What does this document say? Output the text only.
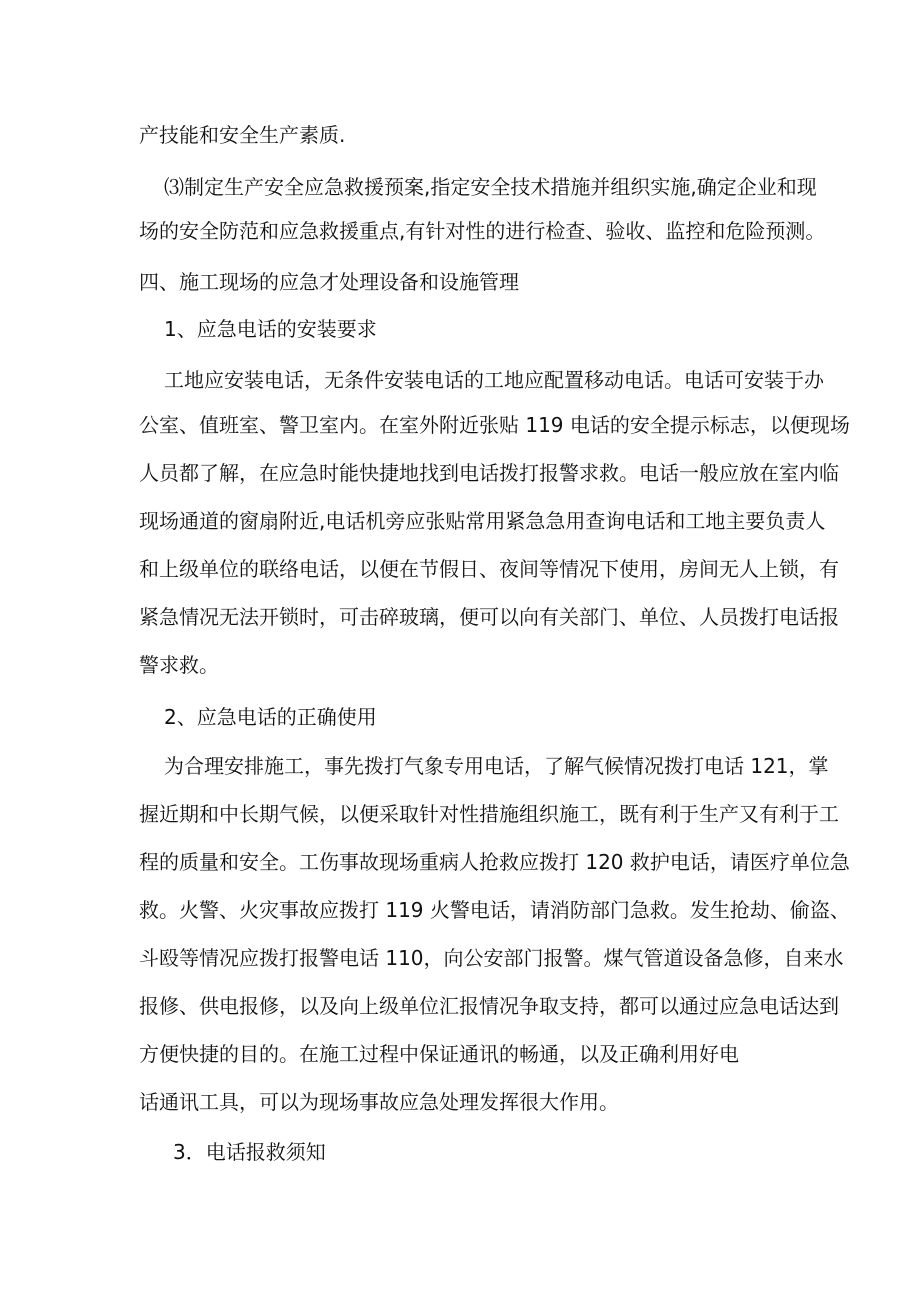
产技能和安全生产素质.
⑶制定生产安全应急救援预案,指定安全技术措施并组织实施,确定企业和现
场的安全防范和应急救援重点,有针对性的进行检查、验收、监控和危险预测。
四、施工现场的应急才处理设备和设施管理
1、应急电话的安装要求
工地应安装电话，无条件安装电话的工地应配置移动电话。电话可安装于办
公室、值班室、警卫室内。在室外附近张贴 119 电话的安全提示标志，以便现场
人员都了解，在应急时能快捷地找到电话拨打报警求救。电话一般应放在室内临
现场通道的窗扇附近,电话机旁应张贴常用紧急急用查询电话和工地主要负责人
和上级单位的联络电话，以便在节假日、夜间等情况下使用，房间无人上锁，有
紧急情况无法开锁时，可击碎玻璃，便可以向有关部门、单位、人员拨打电话报
警求救。
2、应急电话的正确使用
为合理安排施工，事先拨打气象专用电话，了解气候情况拨打电话 121，掌
握近期和中长期气候，以便采取针对性措施组织施工，既有利于生产又有利于工
程的质量和安全。工伤事故现场重病人抢救应拨打 120 救护电话，请医疗单位急
救。火警、火灾事故应拨打 119 火警电话，请消防部门急救。发生抢劫、偷盗、
斗殴等情况应拨打报警电话 110，向公安部门报警。煤气管道设备急修，自来水
报修、供电报修，以及向上级单位汇报情况争取支持，都可以通过应急电话达到
方便快捷的目的。在施工过程中保证通讯的畅通，以及正确利用好电
话通讯工具，可以为现场事故应急处理发挥很大作用。
3．电话报救须知
